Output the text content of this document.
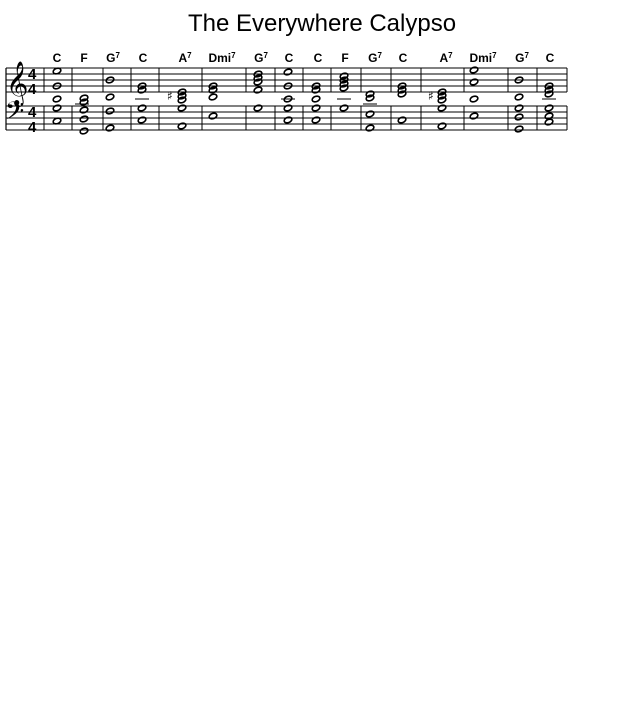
The Everywhere Calypso
C F $G^7$ C	$A^7$ Dmi$^7$ $G^7$ C C F $G^7$ C	$A^7$ Dmi$^7$ $G^7$ C
𝄞
𝄢
4
4
4
4
♯	♯
